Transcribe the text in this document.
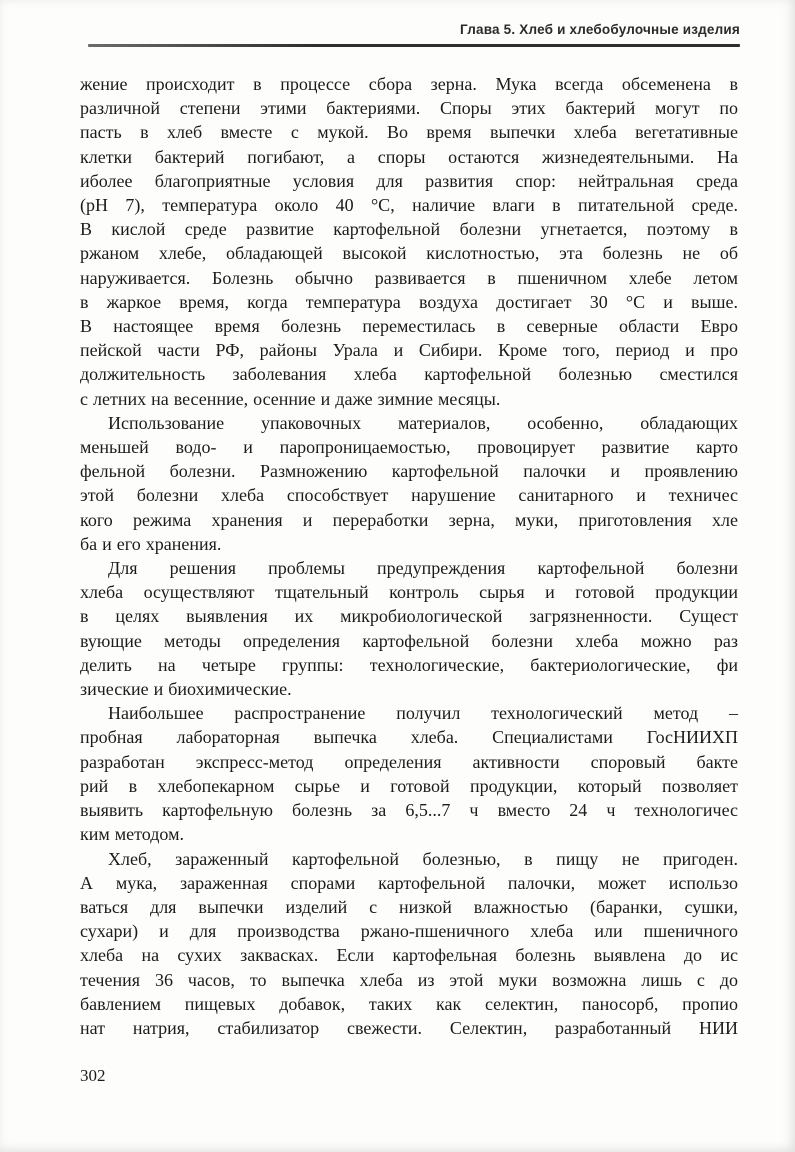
Глава 5. Хлеб и хлебобулочные изделия
жение происходит в процессе сбора зерна. Мука всегда обсеменена в
различной степени этими бактериями. Споры этих бактерий могут по
пасть в хлеб вместе с мукой. Во время выпечки хлеба вегетативные
клетки бактерий погибают, а споры остаются жизнедеятельными. На
иболее благоприятные условия для развития спор: нейтральная среда
(pH 7), температура около 40 °С, наличие влаги в питательной среде.
В кислой среде развитие картофельной болезни угнетается, поэтому в
ржаном хлебе, обладающей высокой кислотностью, эта болезнь не об
наруживается. Болезнь обычно развивается в пшеничном хлебе летом
в жаркое время, когда температура воздуха достигает 30 °С и выше.
В настоящее время болезнь переместилась в северные области Евро
пейской части РФ, районы Урала и Сибири. Кроме того, период и про
должительность заболевания хлеба картофельной болезнью сместился
с летних на весенние, осенние и даже зимние месяцы.
Использование упаковочных материалов, особенно, обладающих
меньшей водо- и паропроницаемостью, провоцирует развитие карто
фельной болезни. Размножению картофельной палочки и проявлению
этой болезни хлеба способствует нарушение санитарного и техничес
кого режима хранения и переработки зерна, муки, приготовления хле
ба и его хранения.
Для решения проблемы предупреждения картофельной болезни
хлеба осуществляют тщательный контроль сырья и готовой продукции
в целях выявления их микробиологической загрязненности. Сущест
вующие методы определения картофельной болезни хлеба можно раз
делить на четыре группы: технологические, бактериологические, фи
зические и биохимические.
Наибольшее распространение получил технологический метод –
пробная лабораторная выпечка хлеба. Специалистами ГосНИИХП
разработан экспресс-метод определения активности споровый бакте
рий в хлебопекарном сырье и готовой продукции, который позволяет
выявить картофельную болезнь за 6,5...7 ч вместо 24 ч технологичес
ким методом.
Хлеб, зараженный картофельной болезнью, в пищу не пригоден.
А мука, зараженная спорами картофельной палочки, может использо
ваться для выпечки изделий с низкой влажностью (баранки, сушки,
сухари) и для производства ржано-пшеничного хлеба или пшеничного
хлеба на сухих заквасках. Если картофельная болезнь выявлена до ис
течения 36 часов, то выпечка хлеба из этой муки возможна лишь с до
бавлением пищевых добавок, таких как селектин, паносорб, пропио
нат натрия, стабилизатор свежести. Селектин, разработанный НИИ
302
